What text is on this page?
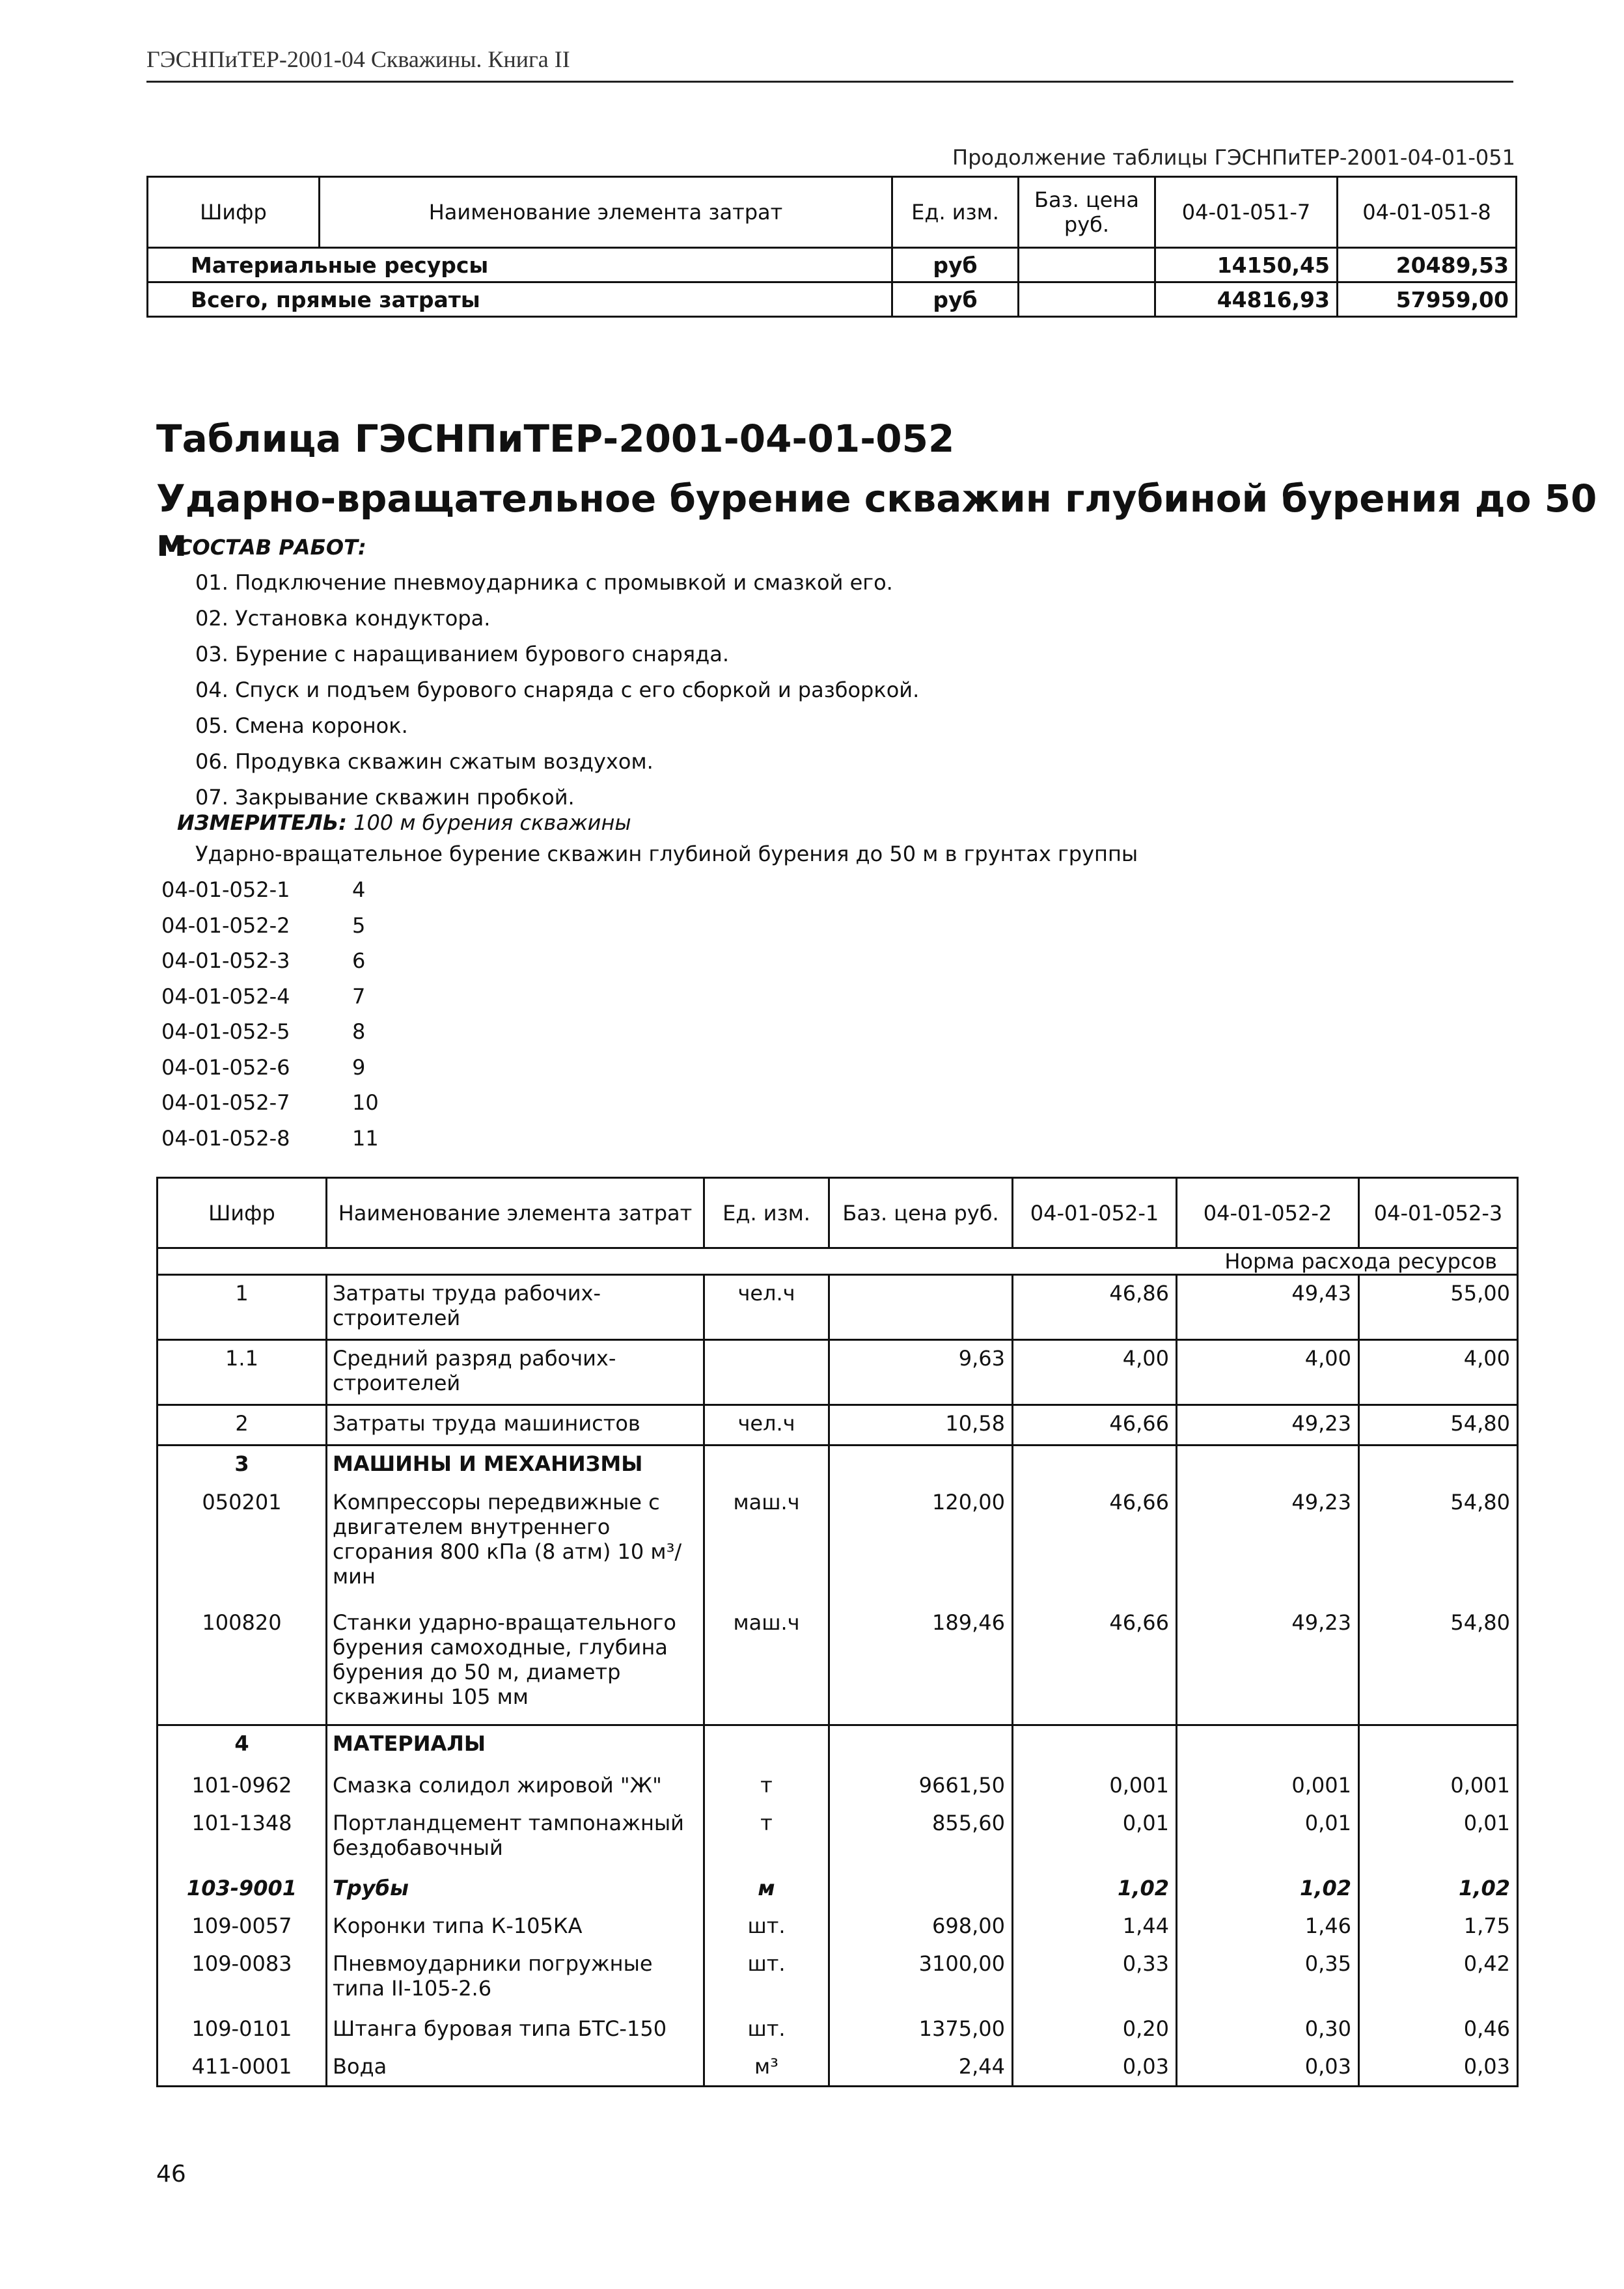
ГЭСНПиТЕР-2001-04 Скважины. Книга II
Продолжение таблицы ГЭСНПиТЕР-2001-04-01-051
Шифр	Наименование элемента затрат	Ед. изм.	Баз. цена руб.	04-01-051-7	04-01-051-8
Материальные ресурсы		руб		14150,45	20489,53
Всего, прямые затраты		руб		44816,93	57959,00
Таблица ГЭСНПиТЕР-2001-04-01-052
Ударно-вращательное бурение скважин глубиной бурения до 50 м
СОСТАВ РАБОТ:
01. Подключение пневмоударника с промывкой и смазкой его.
02. Установка кондуктора.
03. Бурение с наращиванием бурового снаряда.
04. Спуск и подъем бурового снаряда с его сборкой и разборкой.
05. Смена коронок.
06. Продувка скважин сжатым воздухом.
07. Закрывание скважин пробкой.
ИЗМЕРИТЕЛЬ: 100 м бурения скважины
Ударно-вращательное бурение скважин глубиной бурения до 50 м в грунтах группы
04-01-052-1	4
04-01-052-2	5
04-01-052-3	6
04-01-052-4	7
04-01-052-5	8
04-01-052-6	9
04-01-052-7	10
04-01-052-8	11
Шифр	Наименование элемента затрат	Ед. изм.	Баз. цена руб.	04-01-052-1	04-01-052-2	04-01-052-3
Норма расхода ресурсов						
1	Затраты труда рабочих-строителей	чел.ч		46,86	49,43	55,00
1.1	Средний разряд рабочих-строителей		9,63	4,00	4,00	4,00
2	Затраты труда машинистов	чел.ч	10,58	46,66	49,23	54,80
3	МАШИНЫ И МЕХАНИЗМЫ					
050201	Компрессоры передвижные с двигателем внутреннего сгорания 800 кПа (8 атм) 10 м³/мин	маш.ч	120,00	46,66	49,23	54,80
100820	Станки ударно-вращательного бурения самоходные, глубина бурения до 50 м, диаметр скважины 105 мм	маш.ч	189,46	46,66	49,23	54,80
4	МАТЕРИАЛЫ					
101-0962	Смазка солидол жировой "Ж"	т	9661,50	0,001	0,001	0,001
101-1348	Портландцемент тампонажный бездобавочный	т	855,60	0,01	0,01	0,01
103-9001	Трубы	м		1,02	1,02	1,02
109-0057	Коронки типа К-105КА	шт.	698,00	1,44	1,46	1,75
109-0083	Пневмоударники погружные типа II-105-2.6	шт.	3100,00	0,33	0,35	0,42
109-0101	Штанга буровая типа БТС-150	шт.	1375,00	0,20	0,30	0,46
411-0001	Вода	м³	2,44	0,03	0,03	0,03
46
